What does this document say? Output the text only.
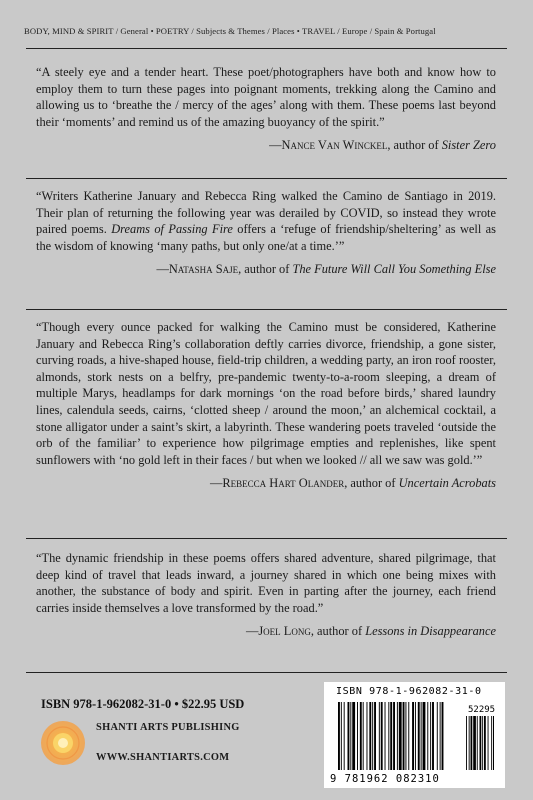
BODY, MIND & SPIRIT / General • POETRY / Subjects & Themes / Places • TRAVEL / Europe / Spain & Portugal

“A steely eye and a tender heart. These poet/photographers have both and know how to employ them to turn these pages into poignant moments, trekking along the Camino and allowing us to ‘breathe the / mercy of the ages’ along with them. These poems last beyond their ‘moments’ and remind us of the amazing buoyancy of the spirit.”

—Nance Van Winckel, author of Sister Zero

“Writers Katherine January and Rebecca Ring walked the Camino de Santiago in 2019. Their plan of returning the following year was derailed by COVID, so instead they wrote paired poems. Dreams of Passing Fire offers a ‘refuge of friendship/sheltering’ as well as the wisdom of knowing ‘many paths, but only one/at a time.’”

—Natasha Saje, author of The Future Will Call You Something Else

“Though every ounce packed for walking the Camino must be considered, Katherine January and Rebecca Ring’s collaboration deftly carries divorce, friendship, a gone sister, curving roads, a hive-shaped house, field-trip children, a wedding party, an iron roof rooster, almonds, stork nests on a belfry, pre-pandemic twenty-to-a-room sleeping, a dream of multiple Marys, headlamps for dark mornings ‘on the road before birds,’ shared laundry lines, calendula seeds, cairns, ‘clotted sheep / around the moon,’ an alchemical cocktail, a stone alligator under a saint’s skirt, a labyrinth. These wandering poets traveled ‘outside the orb of the familiar’ to experience how pilgrimage empties and replenishes, like spent sunflowers with ‘no gold left in their faces / but when we looked // all we saw was gold.’”

—Rebecca Hart Olander, author of Uncertain Acrobats

“The dynamic friendship in these poems offers shared adventure, shared pilgrimage, that deep kind of travel that leads inward, a journey shared in which one being mixes with another, the substance of body and spirit. Even in parting after the journey, each friend carries inside themselves a love transformed by the road.”

—Joel Long, author of Lessons in Disappearance

ISBN 978-1-962082-31-0 • $22.95 USD
SHANTI ARTS PUBLISHING
WWW.SHANTIARTS.COM
ISBN 978-1-962082-31-0
52295
9 781962 082310
